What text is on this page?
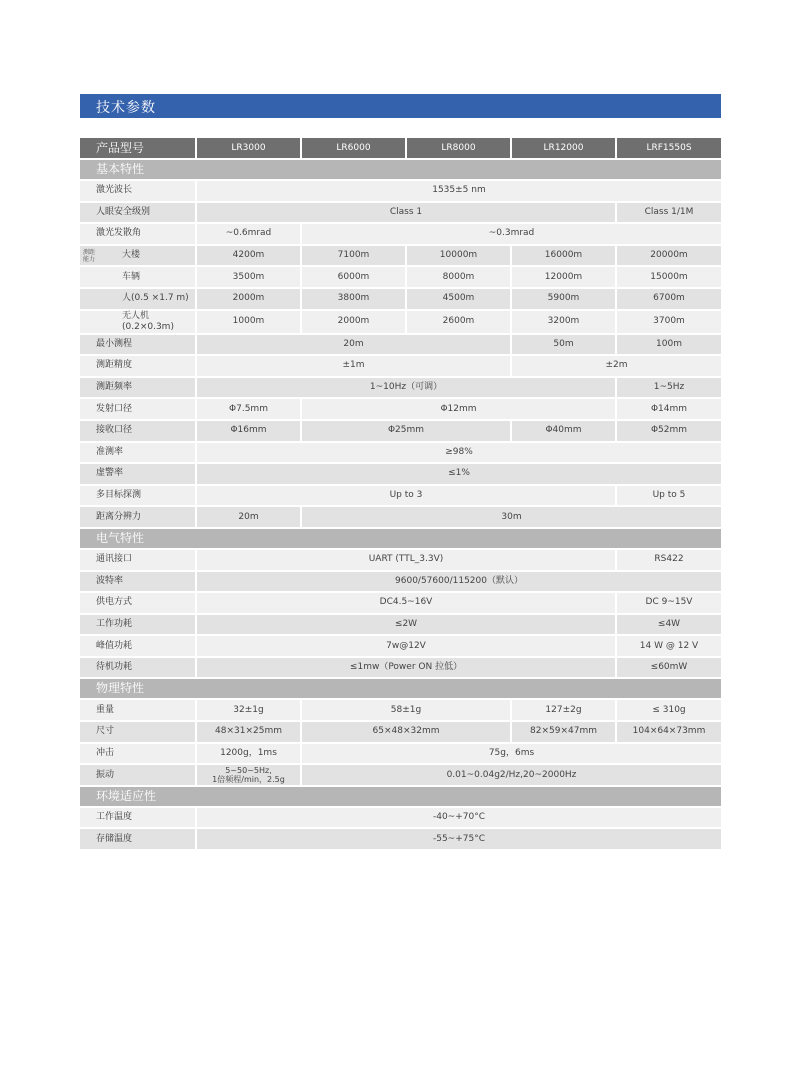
技术参数
产品型号	LR3000	LR6000	LR8000	LR12000	LRF1550S
基本特性					
激光波长	1535±5 nm				
人眼安全级别	Class 1				Class 1/1M
激光发散角	~0.6mrad	~0.3mrad			

测距能力 大楼	4200m	7100m	10000m	16000m	20000m

车辆	3500m	6000m	8000m	12000m	15000m

人(0.5 ×1.7 m)	2000m	3800m	4500m	5900m	6700m

无人机(0.2×0.3m)	1000m	2000m	2600m	3200m	3700m
最小测程	20m			50m	100m
测距精度	±1m			±2m	
测距频率	1~10Hz（可调）				1~5Hz
发射口径	Φ7.5mm	Φ12mm			Φ14mm
接收口径	Φ16mm	Φ25mm		Φ40mm	Φ52mm
准测率	≥98%				
虚警率	≤1%				
多目标探测	Up to 3				Up to 5
距离分辨力	20m	30m			
电气特性					
通讯接口	UART (TTL_3.3V)				RS422
波特率	9600/57600/115200（默认）				
供电方式	DC4.5~16V				DC 9~15V
工作功耗	≤2W				≤4W
峰值功耗	7w@12V				14 W @ 12 V
待机功耗	≤1mw（Power ON 拉低）				≤60mW
物理特性					
重量	32±1g	58±1g		127±2g	≤ 310g
尺寸	48×31×25mm	65×48×32mm		82×59×47mm	104×64×73mm
冲击	1200g，1ms	75g，6ms			
振动	5~50~5Hz,
1倍频程/min，2.5g	0.01~0.04g2/Hz,20~2000Hz			
环境适应性					
工作温度	-40~+70°C				
存储温度	-55~+75°C				
